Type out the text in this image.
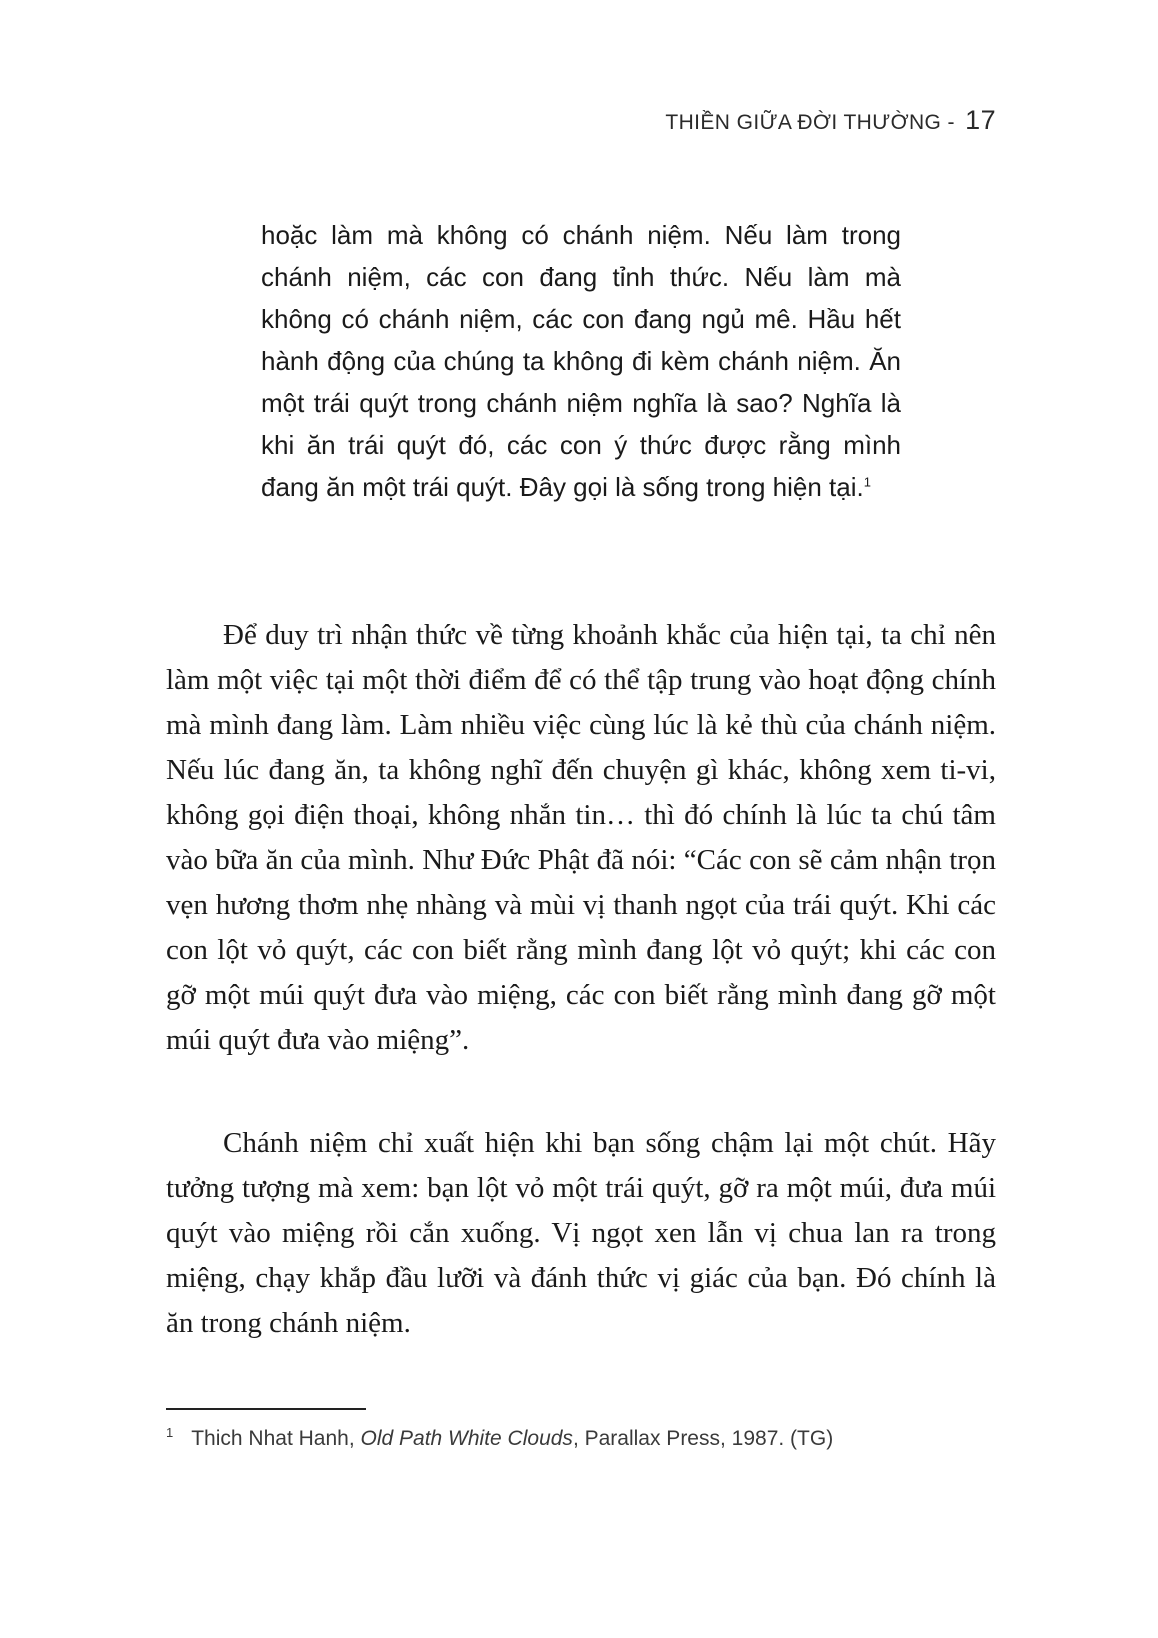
THIỀN GIỮA ĐỜI THƯỜNG - 17
hoặc làm mà không có chánh niệm. Nếu làm trong chánh niệm, các con đang tỉnh thức. Nếu làm mà không có chánh niệm, các con đang ngủ mê. Hầu hết hành động của chúng ta không đi kèm chánh niệm. Ăn một trái quýt trong chánh niệm nghĩa là sao? Nghĩa là khi ăn trái quýt đó, các con ý thức được rằng mình đang ăn một trái quýt. Đây gọi là sống trong hiện tại.$^1$

Để duy trì nhận thức về từng khoảnh khắc của hiện tại, ta chỉ nên làm một việc tại một thời điểm để có thể tập trung vào hoạt động chính mà mình đang làm. Làm nhiều việc cùng lúc là kẻ thù của chánh niệm. Nếu lúc đang ăn, ta không nghĩ đến chuyện gì khác, không xem ti-vi, không gọi điện thoại, không nhắn tin… thì đó chính là lúc ta chú tâm vào bữa ăn của mình. Như Đức Phật đã nói: “Các con sẽ cảm nhận trọn vẹn hương thơm nhẹ nhàng và mùi vị thanh ngọt của trái quýt. Khi các con lột vỏ quýt, các con biết rằng mình đang lột vỏ quýt; khi các con gỡ một múi quýt đưa vào miệng, các con biết rằng mình đang gỡ một múi quýt đưa vào miệng”.

Chánh niệm chỉ xuất hiện khi bạn sống chậm lại một chút. Hãy tưởng tượng mà xem: bạn lột vỏ một trái quýt, gỡ ra một múi, đưa múi quýt vào miệng rồi cắn xuống. Vị ngọt xen lẫn vị chua lan ra trong miệng, chạy khắp đầu lưỡi và đánh thức vị giác của bạn. Đó chính là ăn trong chánh niệm.

$^1$ Thich Nhat Hanh, Old Path White Clouds, Parallax Press, 1987. (TG)
